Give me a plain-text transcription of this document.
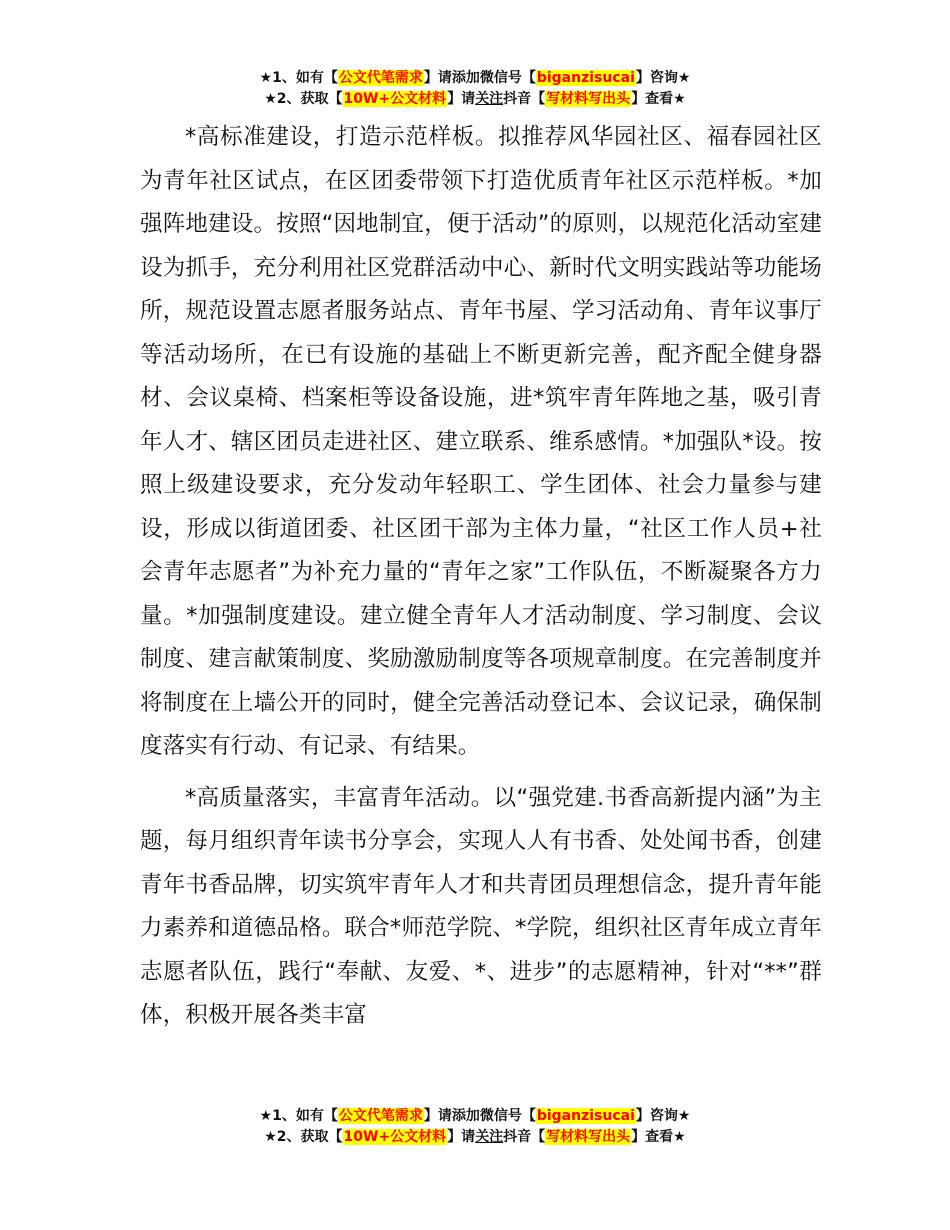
★1、如有【公文代笔需求】请添加微信号【biganzisucai】咨询★
★2、获取【10W+公文材料】请关注抖音【写材料写出头】查看★

*高标准建设，打造示范样板。拟推荐风华园社区、福春园社区为青年社区试点，在区团委带领下打造优质青年社区示范样板。*加强阵地建设。按照“因地制宜，便于活动”的原则，以规范化活动室建设为抓手，充分利用社区党群活动中心、新时代文明实践站等功能场所，规范设置志愿者服务站点、青年书屋、学习活动角、青年议事厅等活动场所，在已有设施的基础上不断更新完善，配齐配全健身器材、会议桌椅、档案柜等设备设施，进*筑牢青年阵地之基，吸引青年人才、辖区团员走进社区、建立联系、维系感情。*加强队*设。按照上级建设要求，充分发动年轻职工、学生团体、社会力量参与建设，形成以街道团委、社区团干部为主体力量，“社区工作人员+社会青年志愿者”为补充力量的“青年之家”工作队伍，不断凝聚各方力量。*加强制度建设。建立健全青年人才活动制度、学习制度、会议制度、建言献策制度、奖励激励制度等各项规章制度。在完善制度并将制度在上墙公开的同时，健全完善活动登记本、会议记录，确保制度落实有行动、有记录、有结果。

*高质量落实，丰富青年活动。以“强党建.书香高新提内涵”为主题，每月组织青年读书分享会，实现人人有书香、处处闻书香，创建青年书香品牌，切实筑牢青年人才和共青团员理想信念，提升青年能力素养和道德品格。联合*师范学院、*学院，组织社区青年成立青年志愿者队伍，践行“奉献、友爱、*、进步”的志愿精神，针对“**”群体，积极开展各类丰富

★1、如有【公文代笔需求】请添加微信号【biganzisucai】咨询★
★2、获取【10W+公文材料】请关注抖音【写材料写出头】查看★
